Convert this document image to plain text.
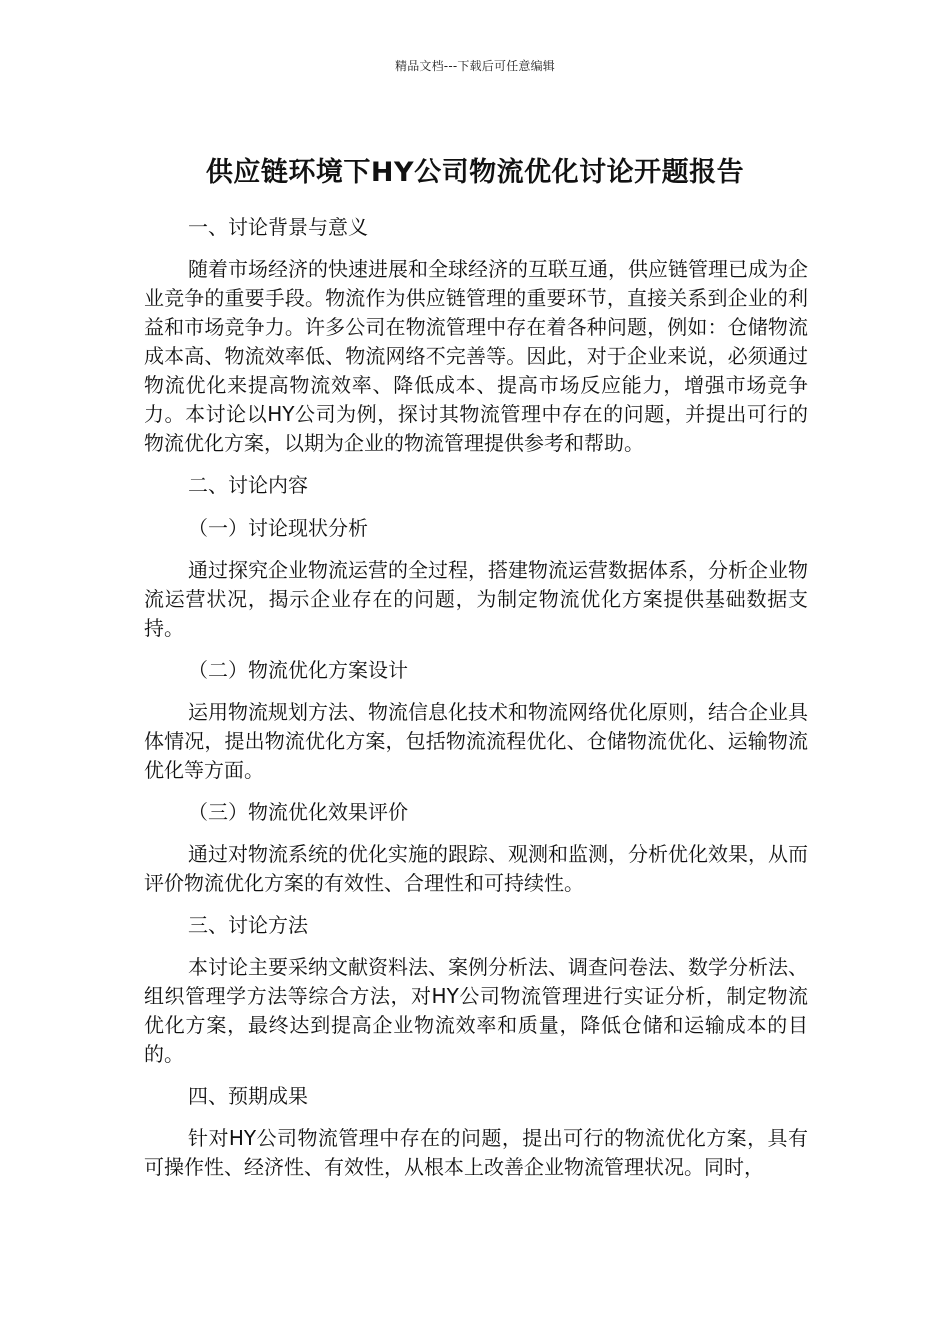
精品文档---下载后可任意编辑
供应链环境下HY公司物流优化讨论开题报告
一、讨论背景与意义

随着市场经济的快速进展和全球经济的互联互通，供应链管理已成为企业竞争的重要手段。物流作为供应链管理的重要环节，直接关系到企业的利益和市场竞争力。许多公司在物流管理中存在着各种问题，例如：仓储物流成本高、物流效率低、物流网络不完善等。因此，对于企业来说，必须通过物流优化来提高物流效率、降低成本、提高市场反应能力，增强市场竞争力。本讨论以HY公司为例，探讨其物流管理中存在的问题，并提出可行的物流优化方案，以期为企业的物流管理提供参考和帮助。

二、讨论内容
（一）讨论现状分析

通过探究企业物流运营的全过程，搭建物流运营数据体系，分析企业物流运营状况，揭示企业存在的问题，为制定物流优化方案提供基础数据支持。

（二）物流优化方案设计

运用物流规划方法、物流信息化技术和物流网络优化原则，结合企业具体情况，提出物流优化方案，包括物流流程优化、仓储物流优化、运输物流优化等方面。

（三）物流优化效果评价

通过对物流系统的优化实施的跟踪、观测和监测，分析优化效果，从而评价物流优化方案的有效性、合理性和可持续性。

三、讨论方法

本讨论主要采纳文献资料法、案例分析法、调查问卷法、数学分析法、组织管理学方法等综合方法，对HY公司物流管理进行实证分析，制定物流优化方案，最终达到提高企业物流效率和质量，降低仓储和运输成本的目的。

四、预期成果

针对HY公司物流管理中存在的问题，提出可行的物流优化方案，具有可操作性、经济性、有效性，从根本上改善企业物流管理状况。同时，
